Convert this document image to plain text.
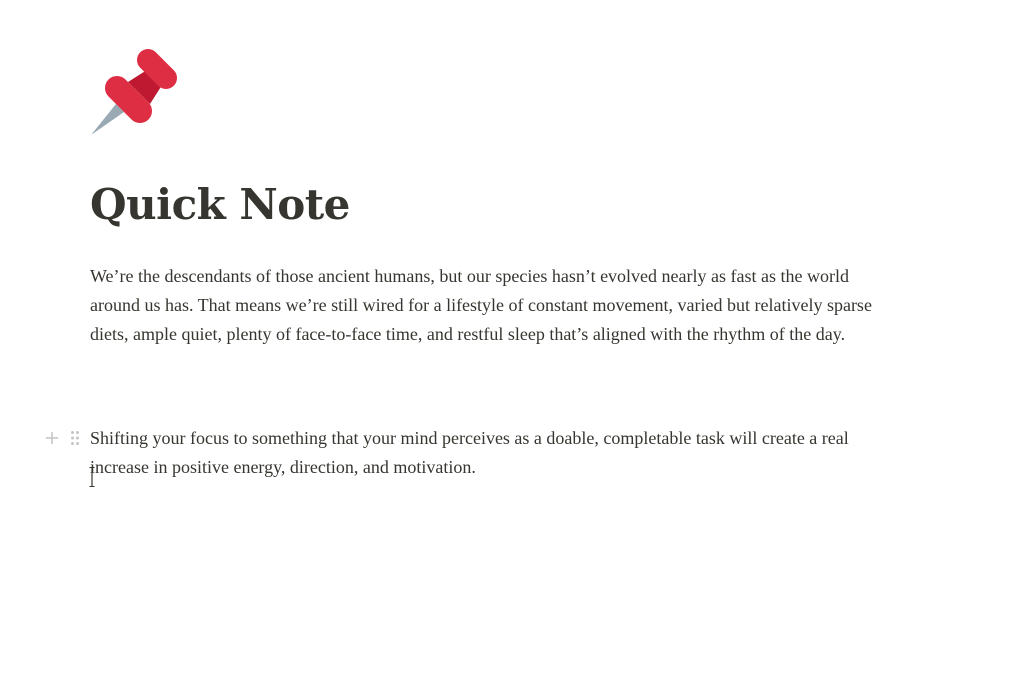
Quick Note
We’re the descendants of those ancient humans, but our species hasn’t evolved nearly as fast as the world around us has. That means we’re still wired for a lifestyle of constant movement, varied but relatively sparse diets, ample quiet, plenty of face-to-face time, and restful sleep that’s aligned with the rhythm of the day.
Shifting your focus to something that your mind perceives as a doable, completable task will create a real increase in positive energy, direction, and motivation.
